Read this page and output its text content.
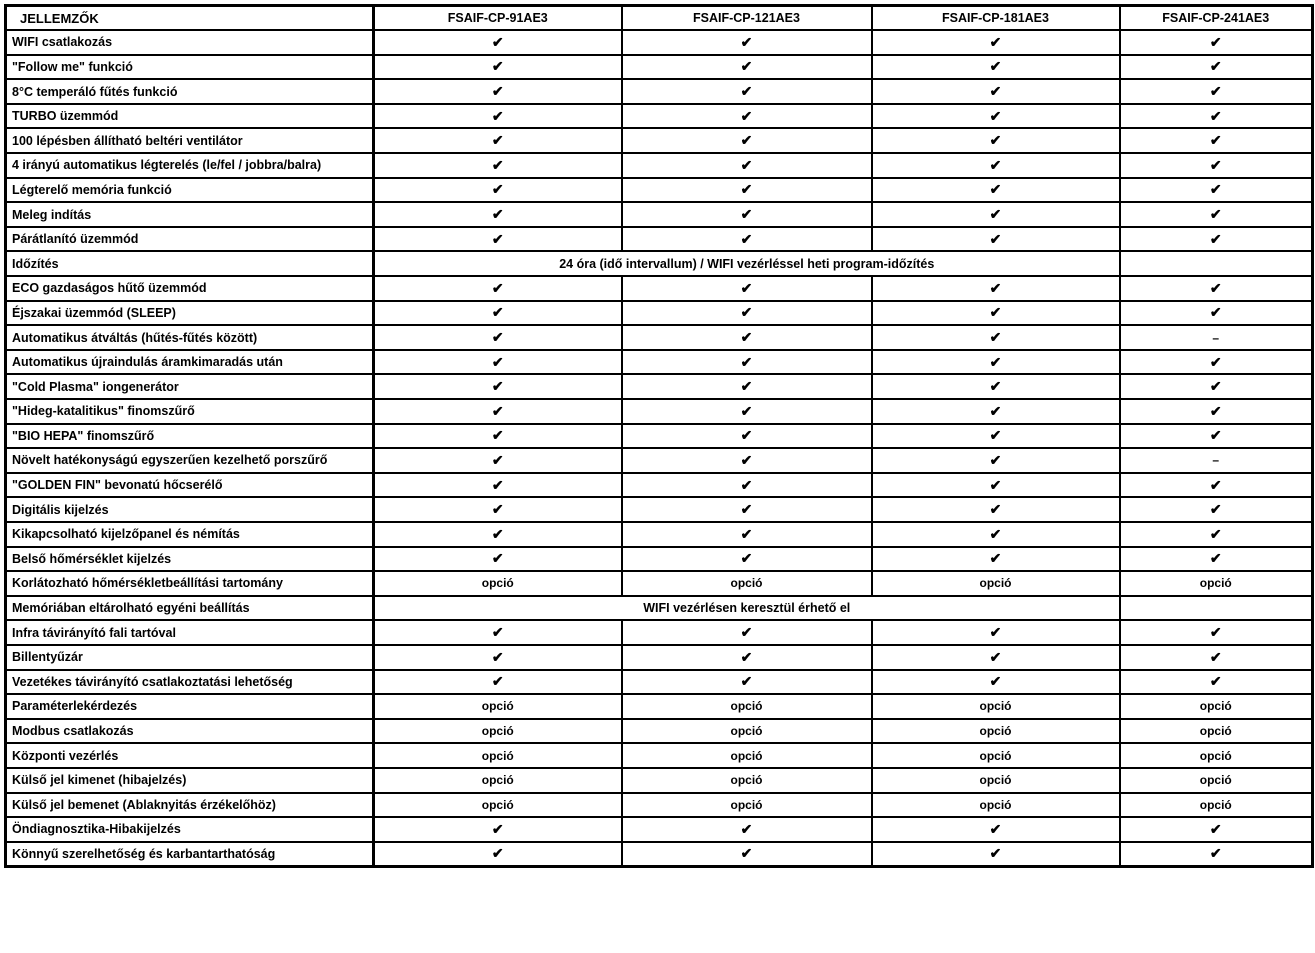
JELLEMZŐK	FSAIF-CP-91AE3	FSAIF-CP-121AE3	FSAIF-CP-181AE3	FSAIF-CP-241AE3
WIFI csatlakozás	✔	✔	✔	✔
"Follow me" funkció	✔	✔	✔	✔
8°C temperáló fűtés funkció	✔	✔	✔	✔
TURBO üzemmód	✔	✔	✔	✔
100 lépésben állítható beltéri ventilátor	✔	✔	✔	✔
4 irányú automatikus légterelés (le/fel / jobbra/balra)	✔	✔	✔	✔
Légterelő memória funkció	✔	✔	✔	✔
Meleg indítás	✔	✔	✔	✔
Párátlanító üzemmód	✔	✔	✔	✔
Időzítés	24 óra (idő intervallum) / WIFI vezérléssel heti program-időzítés			
ECO gazdaságos hűtő üzemmód	✔	✔	✔	✔
Éjszakai üzemmód (SLEEP)	✔	✔	✔	✔
Automatikus átváltás (hűtés-fűtés között)	✔	✔	✔	–
Automatikus újraindulás áramkimaradás után	✔	✔	✔	✔
"Cold Plasma" iongenerátor	✔	✔	✔	✔
"Hideg-katalitikus" finomszűrő	✔	✔	✔	✔
"BIO HEPA" finomszűrő	✔	✔	✔	✔
Növelt hatékonyságú egyszerűen kezelhető porszűrő	✔	✔	✔	–
"GOLDEN FIN" bevonatú hőcserélő	✔	✔	✔	✔
Digitális kijelzés	✔	✔	✔	✔
Kikapcsolható kijelzőpanel és némítás	✔	✔	✔	✔
Belső hőmérséklet kijelzés	✔	✔	✔	✔
Korlátozható hőmérsékletbeállítási tartomány	opció	opció	opció	opció
Memóriában eltárolható egyéni beállítás	WIFI vezérlésen keresztül érhető el			
Infra távirányító fali tartóval	✔	✔	✔	✔
Billentyűzár	✔	✔	✔	✔
Vezetékes távirányító csatlakoztatási lehetőség	✔	✔	✔	✔
Paraméterlekérdezés	opció	opció	opció	opció
Modbus csatlakozás	opció	opció	opció	opció
Központi vezérlés	opció	opció	opció	opció
Külső jel kimenet (hibajelzés)	opció	opció	opció	opció
Külső jel bemenet (Ablaknyitás érzékelőhöz)	opció	opció	opció	opció
Öndiagnosztika-Hibakijelzés	✔	✔	✔	✔
Könnyű szerelhetőség és karbantarthatóság	✔	✔	✔	✔
